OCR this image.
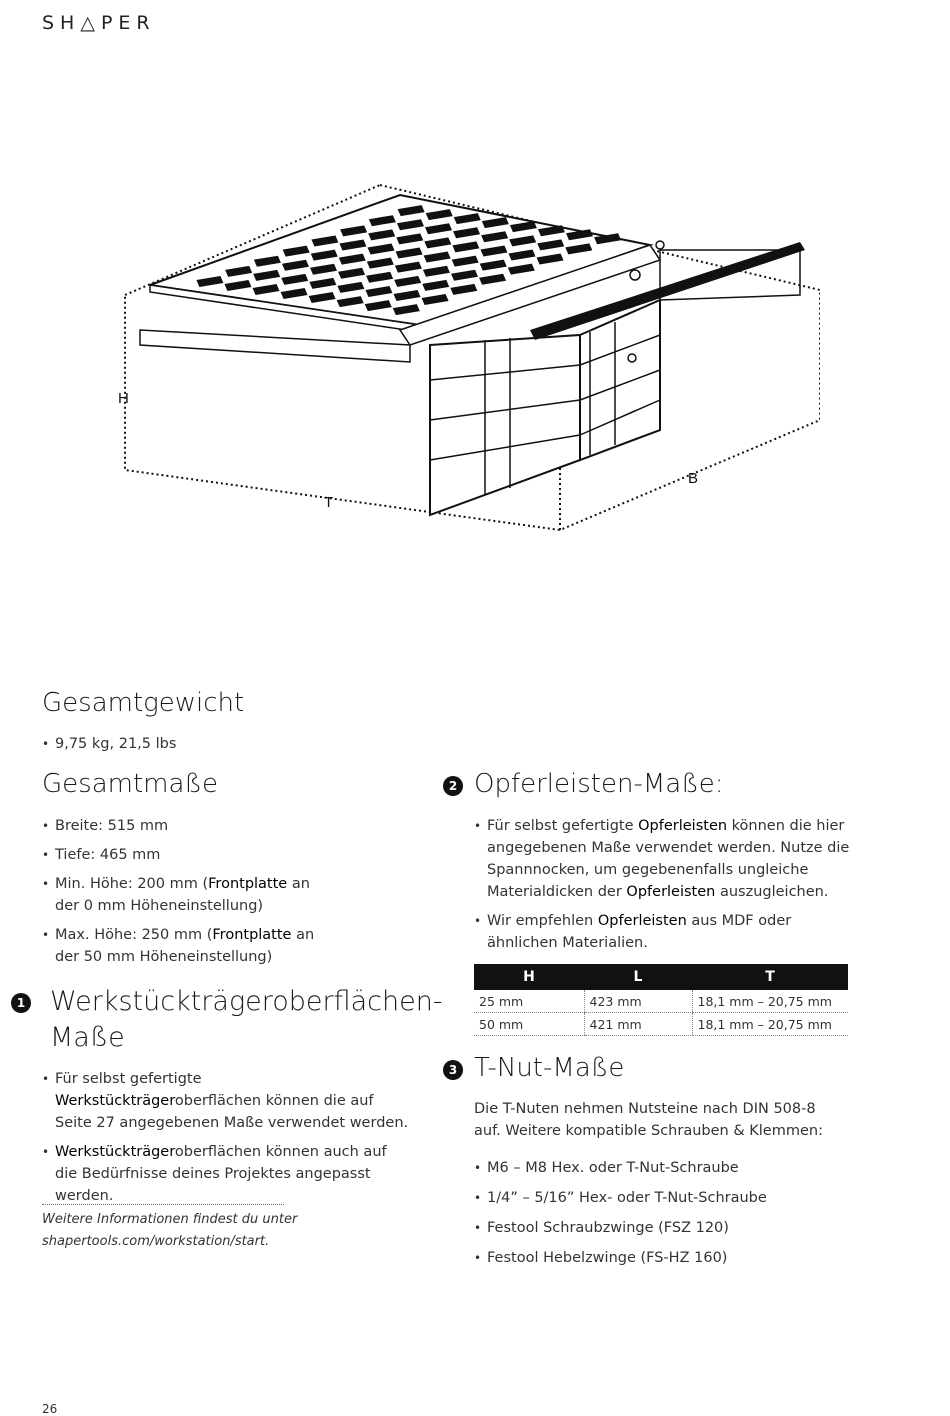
SH△PER
H
T
B
Gesamtgewicht
• 9,75 kg, 21,5 lbs
Gesamtmaße
• Breite: 515 mm
• Tiefe: 465 mm
• Min. Höhe: 200 mm (Frontplatte an der 0 mm Höheneinstellung)
• Max. Höhe: 250 mm (Frontplatte an der 50 mm Höheneinstellung)
1 Werkstückträgeroberflächen-
Maße
• Für selbst gefertigte Werkstückträgeroberflächen können die auf Seite 27 angegebenen Maße verwendet werden.
• Werkstückträgeroberflächen können auch auf die Bedürfnisse deines Projektes angepasst werden.
Weitere Informationen findest du unter
shapertools.com/workstation/start.
2 Opferleisten-Maße:
• Für selbst gefertigte Opferleisten können die hier angegebenen Maße verwendet werden. Nutze die Spannnocken, um gegebenenfalls ungleiche Materialdicken der Opferleisten auszugleichen.
• Wir empfehlen Opferleisten aus MDF oder ähnlichen Materialien.
H	L	T
25 mm	423 mm	18,1 mm – 20,75 mm
50 mm	421 mm	18,1 mm – 20,75 mm
3 T-Nut-Maße
Die T-Nuten nehmen Nutsteine nach DIN 508-8
auf. Weitere kompatible Schrauben & Klemmen:
• M6 – M8 Hex. oder T-Nut-Schraube
• 1/4” – 5/16” Hex- oder T-Nut-Schraube
• Festool Schraubzwinge (FSZ 120)
• Festool Hebelzwinge (FS-HZ 160)
26
